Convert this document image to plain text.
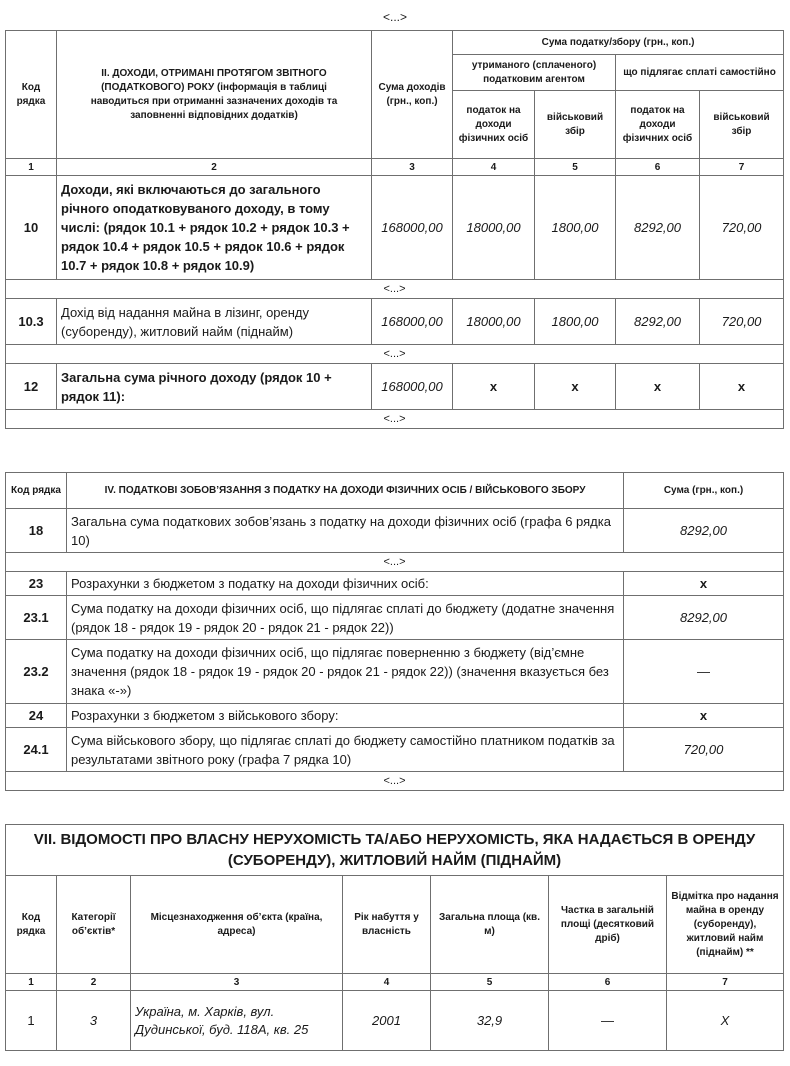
<...>
Код рядка	ІІ. ДОХОДИ, ОТРИМАНІ ПРОТЯГОМ ЗВІТНОГО (ПОДАТКОВОГО) РОКУ (інформація в таблиці наводиться при отриманні зазначених доходів та заповненні відповідних додатків)	Сума доходів (грн., коп.)	Сума податку/збору (грн., коп.)			
			утриманого (сплаченого) податковим агентом		що підлягає сплаті самостійно	
			податок на доходи фізичних осіб	військовий збір	податок на доходи фізичних осіб	військовий збір
1	2	3	4	5	6	7
10	Доходи, які включаються до загального річного оподатковуваного доходу, в тому числі: (рядок 10.1 + рядок 10.2 + рядок 10.3 + рядок 10.4 + рядок 10.5 + рядок 10.6 + рядок 10.7 + рядок 10.8 + рядок 10.9)	168000,00	18000,00	1800,00	8292,00	720,00
<...>						
10.3	Дохід від надання майна в лізинг, оренду (суборенду), житловий найм (піднайм)	168000,00	18000,00	1800,00	8292,00	720,00
<...>						
12	Загальна сума річного доходу (рядок 10 + рядок 11):	168000,00	x	x	x	x
<...>						
Код рядка	IV. ПОДАТКОВІ ЗОБОВ’ЯЗАННЯ З ПОДАТКУ НА ДОХОДИ ФІЗИЧНИХ ОСІБ / ВІЙСЬКОВОГО ЗБОРУ	Сума (грн., коп.)
18	Загальна сума податкових зобов’язань з податку на доходи фізичних осіб (графа 6 рядка 10)	8292,00
<...>		
23	Розрахунки з бюджетом з податку на доходи фізичних осіб:	x
23.1	Сума податку на доходи фізичних осіб, що підлягає сплаті до бюджету (додатне значення (рядок 18 - рядок 19 - рядок 20 - рядок 21 - рядок 22))	8292,00
23.2	Сума податку на доходи фізичних осіб, що підлягає поверненню з бюджету (від’ємне значення (рядок 18 - рядок 19 - рядок 20 - рядок 21 - рядок 22)) (значення вказується без знака «-»)	—
24	Розрахунки з бюджетом з військового збору:	x
24.1	Сума військового збору, що підлягає сплаті до бюджету самостійно платником податків за результатами звітного року (графа 7 рядка 10)	720,00
<...>		
VII. ВІДОМОСТІ ПРО ВЛАСНУ НЕРУХОМІСТЬ ТА/АБО НЕРУХОМІСТЬ, ЯКА НАДАЄТЬСЯ В ОРЕНДУ (СУБОРЕНДУ), ЖИТЛОВИЙ НАЙМ (ПІДНАЙМ)						
Код рядка	Категорії об’єктів*	Місцезнаходження об’єкта (країна, адреса)	Рік набуття у власність	Загальна площа (кв. м)	Частка в загальній площі (десятковий дріб)	Відмітка про надання майна в оренду (суборенду), житловий найм (піднайм) **
1	2	3	4	5	6	7
1	3	Україна, м. Харків, вул. Дудинської, буд. 118А, кв. 25	2001	32,9	—	Х
